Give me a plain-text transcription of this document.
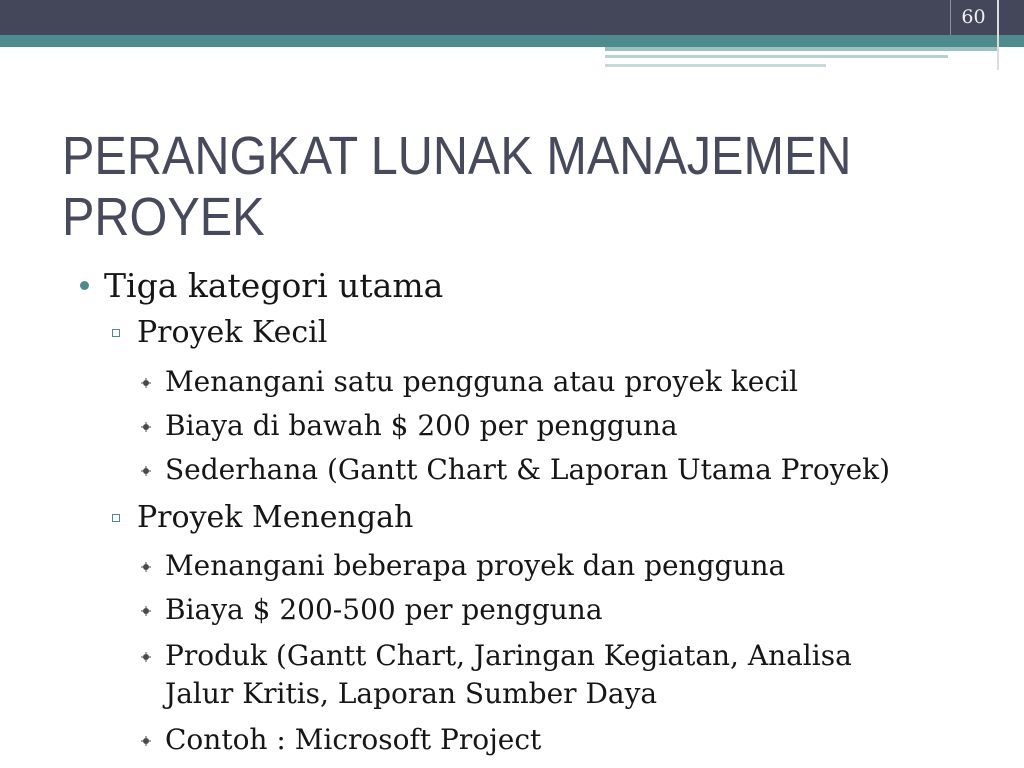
60
PERANGKAT LUNAK MANAJEMEN PROYEK
Tiga kategori utama
Proyek Kecil
Menangani satu pengguna atau proyek kecil
Biaya di bawah $ 200 per pengguna
Sederhana (Gantt Chart & Laporan Utama Proyek)
Proyek Menengah
Menangani beberapa proyek dan pengguna
Biaya $ 200-500 per pengguna
Produk (Gantt Chart, Jaringan Kegiatan, Analisa Jalur Kritis, Laporan Sumber Daya
Contoh : Microsoft Project
